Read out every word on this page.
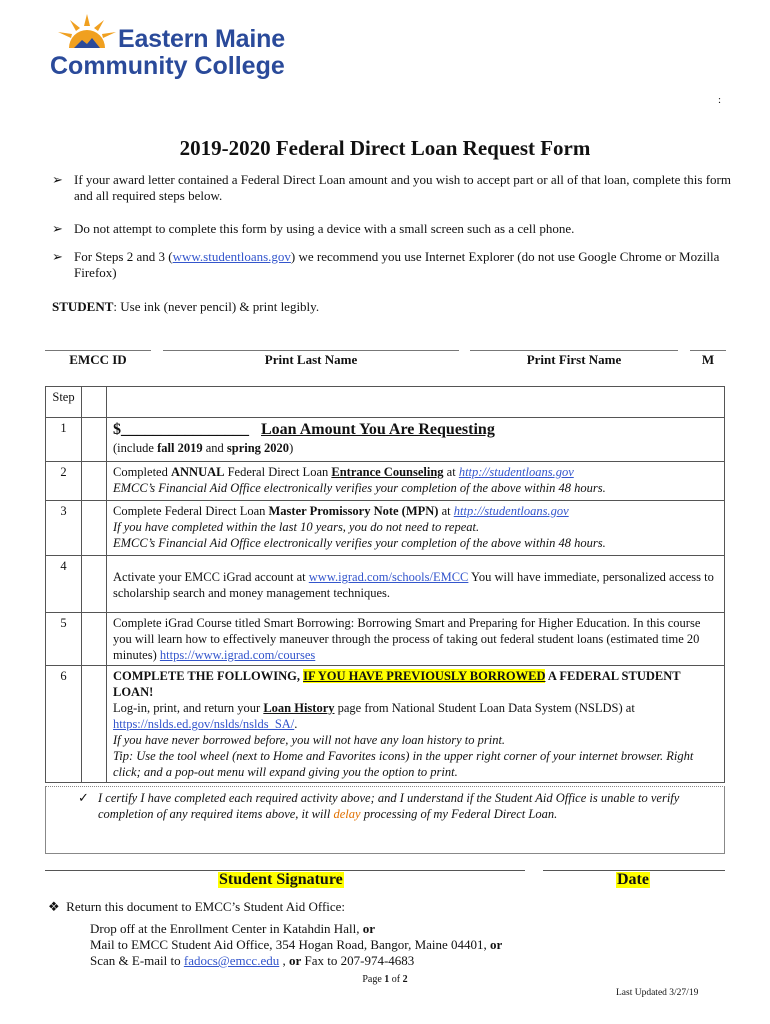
Eastern Maine
Community College
:
2019-2020 Federal Direct Loan Request Form
➢ If your award letter contained a Federal Direct Loan amount and you wish to accept part or all of that loan, complete this form and all required steps below.
➢ Do not attempt to complete this form by using a device with a small screen such as a cell phone.
➢ For Steps 2 and 3 (www.studentloans.gov) we recommend you use Internet Explorer (do not use Google Chrome or Mozilla Firefox)
STUDENT: Use ink (never pencil) & print legibly.
EMCC ID	Print Last Name	Print First Name	M
Step		
1		$________________ Loan Amount You Are Requesting
(include fall 2019 and spring 2020)

2		Completed ANNUAL Federal Direct Loan Entrance Counseling at http://studentloans.gov
EMCC’s Financial Aid Office electronically verifies your completion of the above within 48 hours.

3		Complete Federal Direct Loan Master Promissory Note (MPN) at http://studentloans.gov
If you have completed within the last 10 years, you do not need to repeat.
EMCC’s Financial Aid Office electronically verifies your completion of the above within 48 hours.

4		Activate your EMCC iGrad account at www.igrad.com/schools/EMCC You will have immediate, personalized access to scholarship search and money management techniques.

5		Complete iGrad Course titled Smart Borrowing: Borrowing Smart and Preparing for Higher Education. In this course you will learn how to effectively maneuver through the process of taking out federal student loans (estimated time 20 minutes) https://www.igrad.com/courses

6		COMPLETE THE FOLLOWING, IF YOU HAVE PREVIOUSLY BORROWED A FEDERAL STUDENT LOAN!
Log-in, print, and return your Loan History page from National Student Loan Data System (NSLDS) at
https://nslds.ed.gov/nslds/nslds_SA/.
If you have never borrowed before, you will not have any loan history to print.
Tip: Use the tool wheel (next to Home and Favorites icons) in the upper right corner of your internet browser. Right click; and a pop-out menu will expand giving you the option to print.
✓ I certify I have completed each required activity above; and I understand if the Student Aid Office is unable to verify completion of any required items above, it will delay processing of my Federal Direct Loan.
Student Signature	Date
❖ Return this document to EMCC’s Student Aid Office:
Drop off at the Enrollment Center in Katahdin Hall, or
Mail to EMCC Student Aid Office, 354 Hogan Road, Bangor, Maine 04401, or
Scan & E-mail to fadocs@emcc.edu , or Fax to 207-974-4683
Page 1 of 2
Last Updated 3/27/19
